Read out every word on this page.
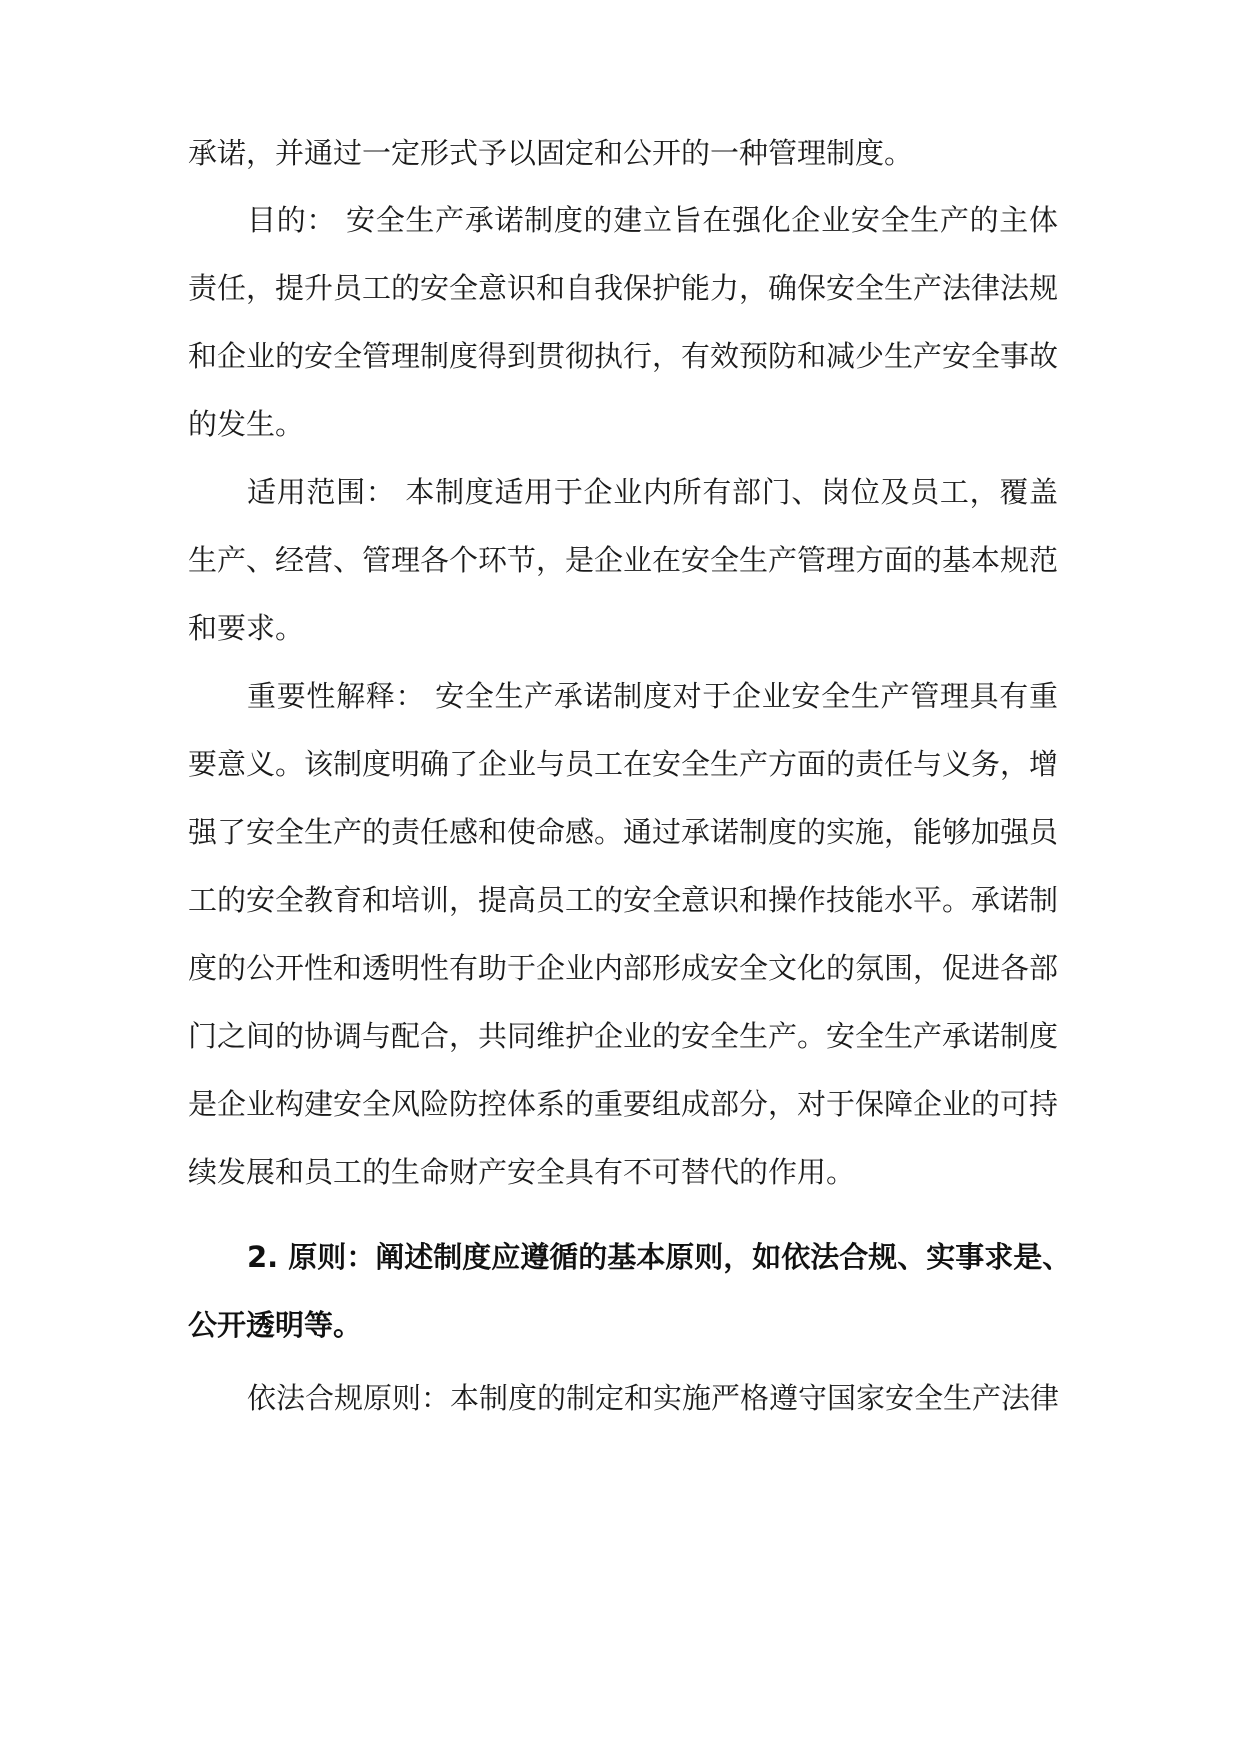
承诺，并通过一定形式予以固定和公开的一种管理制度。
目的： 安全生产承诺制度的建立旨在强化企业安全生产的主体
责任，提升员工的安全意识和自我保护能力，确保安全生产法律法规
和企业的安全管理制度得到贯彻执行，有效预防和减少生产安全事故
的发生。
适用范围： 本制度适用于企业内所有部门、岗位及员工，覆盖
生产、经营、管理各个环节，是企业在安全生产管理方面的基本规范
和要求。
重要性解释： 安全生产承诺制度对于企业安全生产管理具有重
要意义。该制度明确了企业与员工在安全生产方面的责任与义务，增
强了安全生产的责任感和使命感。通过承诺制度的实施，能够加强员
工的安全教育和培训，提高员工的安全意识和操作技能水平。承诺制
度的公开性和透明性有助于企业内部形成安全文化的氛围，促进各部
门之间的协调与配合，共同维护企业的安全生产。安全生产承诺制度
是企业构建安全风险防控体系的重要组成部分，对于保障企业的可持
续发展和员工的生命财产安全具有不可替代的作用。
2. 原则：阐述制度应遵循的基本原则，如依法合规、实事求是、
公开透明等。
依法合规原则：本制度的制定和实施严格遵守国家安全生产法律
